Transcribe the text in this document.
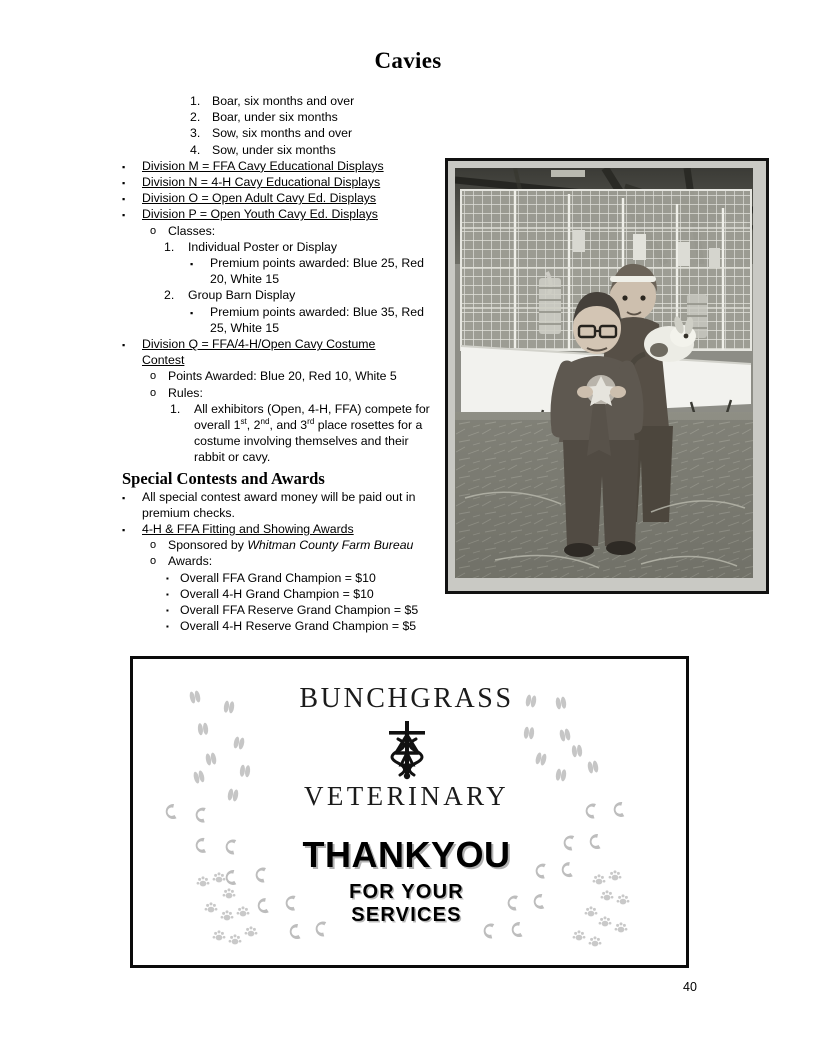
Cavies
1. Boar, six months and over
2. Boar, under six months
3. Sow, six months and over
4. Sow, under six months
▪ Division M = FFA Cavy Educational Displays
▪ Division N = 4-H Cavy Educational Displays
▪ Division O = Open Adult Cavy Ed. Displays
▪ Division P = Open Youth Cavy Ed. Displays
o Classes:
1. Individual Poster or Display
▪ Premium points awarded: Blue 25, Red 20, White 15
2. Group Barn Display
▪ Premium points awarded: Blue 35, Red 25, White 15
▪ Division Q = FFA/4-H/Open Cavy Costume
Contest
o Points Awarded: Blue 20, Red 10, White 5
o Rules:
1. All exhibitors (Open, 4-H, FFA) compete for overall 1st, 2nd, and 3rd place rosettes for a costume involving themselves and their rabbit or cavy.
Special Contests and Awards
▪ All special contest award money will be paid out in premium checks.
▪ 4-H & FFA Fitting and Showing Awards
o Sponsored by Whitman County Farm Bureau
o Awards:
▪ Overall FFA Grand Champion = $10
▪ Overall 4-H Grand Champion = $10
▪ Overall FFA Reserve Grand Champion = $5
▪ Overall 4-H Reserve Grand Champion = $5
BUNCHGRASS
VETERINARY
THANKYOU
FOR YOUR
SERVICES
40
